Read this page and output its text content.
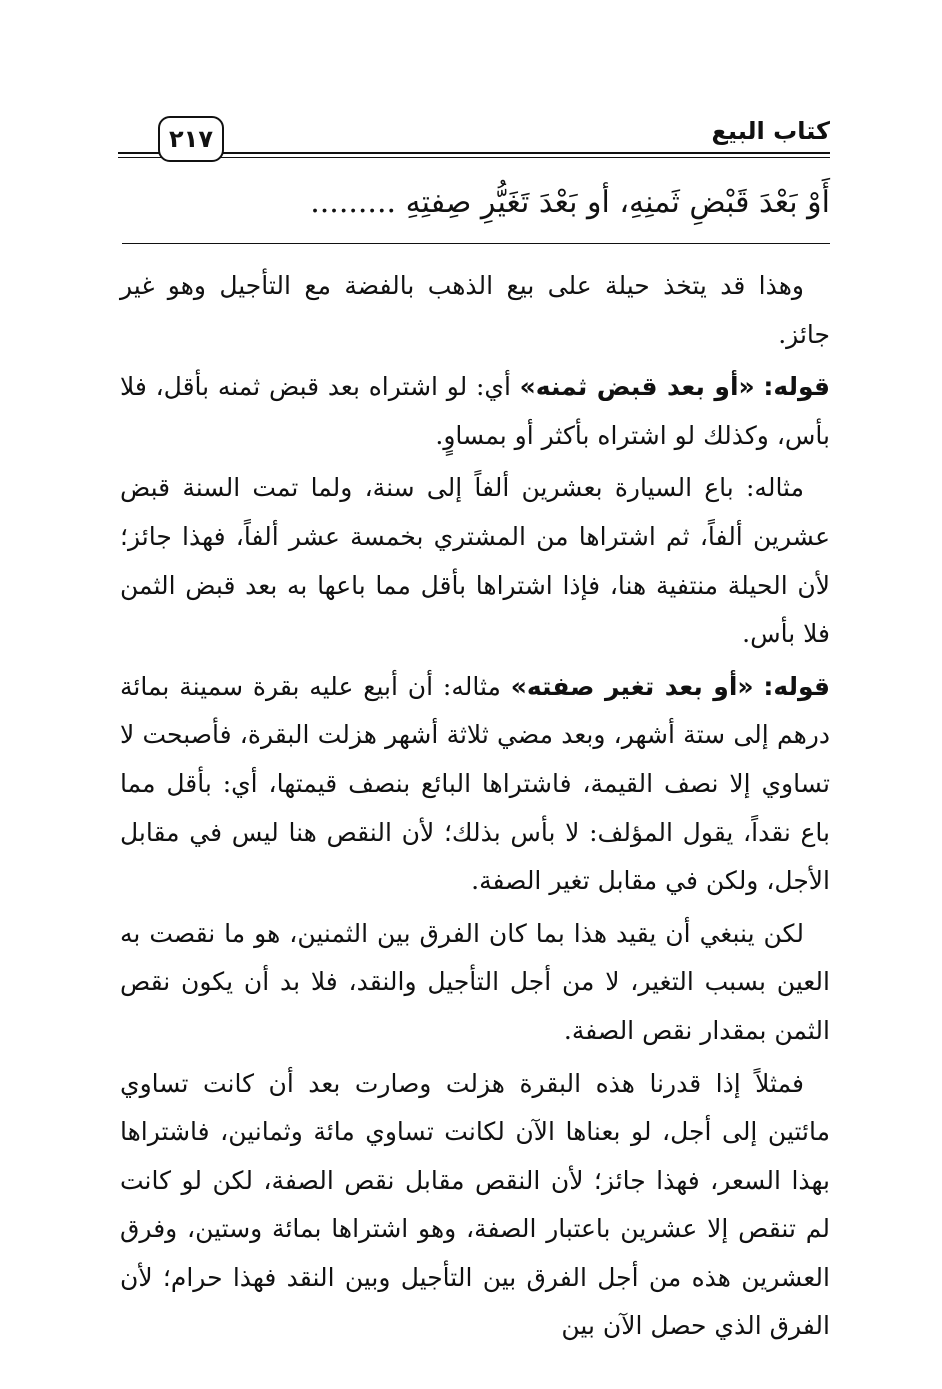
كتاب البيع
٢١٧
أَوْ بَعْدَ قَبْضِ ثَمنِهِ، أو بَعْدَ تَغَيُّرِ صِفتِهِ .........

وهذا قد يتخذ حيلة على بيع الذهب بالفضة مع التأجيل وهو غير جائز.

قوله: «أو بعد قبض ثمنه» أي: لو اشتراه بعد قبض ثمنه بأقل، فلا بأس، وكذلك لو اشتراه بأكثر أو بمساوٍ.

مثاله: باع السيارة بعشرين ألفاً إلى سنة، ولما تمت السنة قبض عشرين ألفاً، ثم اشتراها من المشتري بخمسة عشر ألفاً، فهذا جائز؛ لأن الحيلة منتفية هنا، فإذا اشتراها بأقل مما باعها به بعد قبض الثمن فلا بأس.

قوله: «أو بعد تغير صفته» مثاله: أن أبيع عليه بقرة سمينة بمائة درهم إلى ستة أشهر، وبعد مضي ثلاثة أشهر هزلت البقرة، فأصبحت لا تساوي إلا نصف القيمة، فاشتراها البائع بنصف قيمتها، أي: بأقل مما باع نقداً، يقول المؤلف: لا بأس بذلك؛ لأن النقص هنا ليس في مقابل الأجل، ولكن في مقابل تغير الصفة.

لكن ينبغي أن يقيد هذا بما كان الفرق بين الثمنين، هو ما نقصت به العين بسبب التغير، لا من أجل التأجيل والنقد، فلا بد أن يكون نقص الثمن بمقدار نقص الصفة.

فمثلاً إذا قدرنا هذه البقرة هزلت وصارت بعد أن كانت تساوي مائتين إلى أجل، لو بعناها الآن لكانت تساوي مائة وثمانين، فاشتراها بهذا السعر، فهذا جائز؛ لأن النقص مقابل نقص الصفة، لكن لو كانت لم تنقص إلا عشرين باعتبار الصفة، وهو اشتراها بمائة وستين، وفرق العشرين هذه من أجل الفرق بين التأجيل وبين النقد فهذا حرام؛ لأن الفرق الذي حصل الآن بين
